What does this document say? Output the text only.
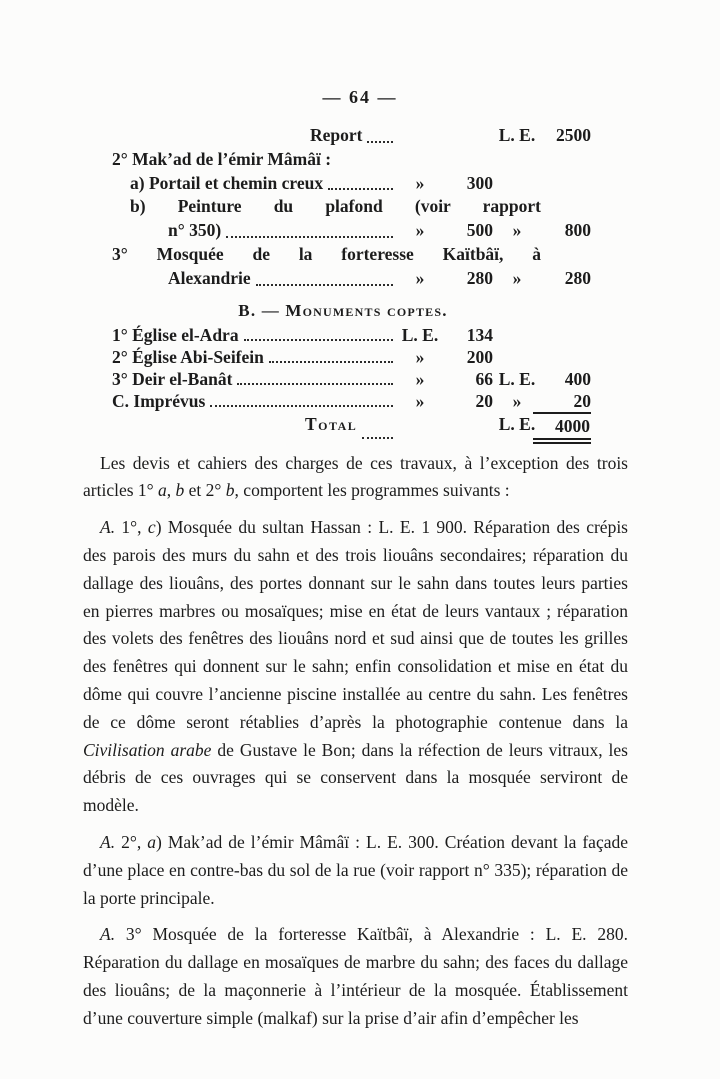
— 64 —
Report	L. E.	2500
2° Mak’ad de l’émir Mâmâï :
a) Portail et chemin creux	»	300
b) Peinture du plafond (voir rapport
n° 350)	»	500	»	800
3° Mosquée de la forteresse Kaïtbâï, à
Alexandrie	»	280	»	280
B. — Monuments coptes.
1° Église el-Adra	L. E.	134
2° Église Abi-Seifein	»	200
3° Deir el-Banât	»	66 L. E.	400
C. Imprévus	»	20	»	20
Total	L. E.	4000

Les devis et cahiers des charges de ces travaux, à l’exception des trois articles 1° a, b et 2° b, comportent les programmes suivants :

A. 1°, c) Mosquée du sultan Hassan : L. E. 1 900. Réparation des crépis des parois des murs du sahn et des trois liouâns secondaires; réparation du dallage des liouâns, des portes donnant sur le sahn dans toutes leurs parties en pierres marbres ou mosaïques; mise en état de leurs vantaux ; réparation des volets des fenêtres des liouâns nord et sud ainsi que de toutes les grilles des fenêtres qui donnent sur le sahn; enfin consolidation et mise en état du dôme qui couvre l’ancienne piscine installée au centre du sahn. Les fenêtres de ce dôme seront rétablies d’après la photographie contenue dans la Civilisation arabe de Gustave le Bon; dans la réfection de leurs vitraux, les débris de ces ouvrages qui se conservent dans la mosquée serviront de modèle.

A. 2°, a) Mak’ad de l’émir Mâmâï : L. E. 300. Création devant la façade d’une place en contre-bas du sol de la rue (voir rapport n° 335); réparation de la porte principale.

A. 3° Mosquée de la forteresse Kaïtbâï, à Alexandrie : L. E. 280. Réparation du dallage en mosaïques de marbre du sahn; des faces du dallage des liouâns; de la maçonnerie à l’intérieur de la mosquée. Établissement d’une couverture simple (malkaf) sur la prise d’air afin d’empêcher les
